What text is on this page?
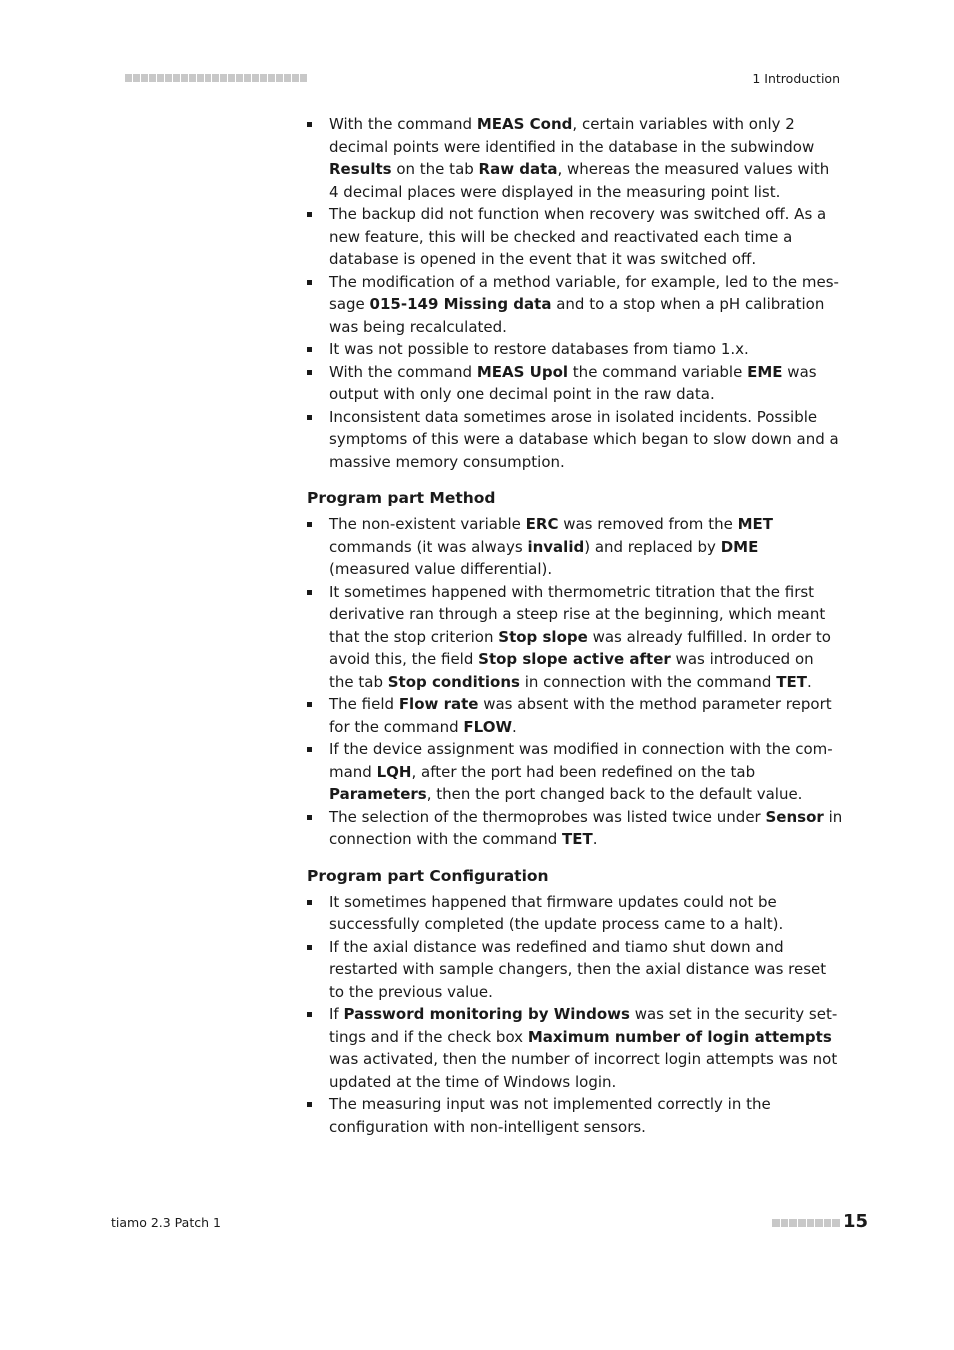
1 Introduction
With the command MEAS Cond, certain variables with only 2 decimal points were identified in the database in the subwindow Results on the tab Raw data, whereas the measured values with 4 decimal places were displayed in the measuring point list.
The backup did not function when recovery was switched off. As a new feature, this will be checked and reactivated each time a database is opened in the event that it was switched off.
The modification of a method variable, for example, led to the message 015-149 Missing data and to a stop when a pH calibration was being recalculated.
It was not possible to restore databases from tiamo 1.x.
With the command MEAS Upol the command variable EME was output with only one decimal point in the raw data.
Inconsistent data sometimes arose in isolated incidents. Possible symptoms of this were a database which began to slow down and a massive memory consumption.
Program part Method
The non-existent variable ERC was removed from the MET commands (it was always invalid) and replaced by DME (measured value differential).
It sometimes happened with thermometric titration that the first derivative ran through a steep rise at the beginning, which meant that the stop criterion Stop slope was already fulfilled. In order to avoid this, the field Stop slope active after was introduced on the tab Stop conditions in connection with the command TET.
The field Flow rate was absent with the method parameter report for the command FLOW.
If the device assignment was modified in connection with the command LQH, after the port had been redefined on the tab Parameters, then the port changed back to the default value.
The selection of the thermoprobes was listed twice under Sensor in connection with the command TET.
Program part Configuration
It sometimes happened that firmware updates could not be successfully completed (the update process came to a halt).
If the axial distance was redefined and tiamo shut down and restarted with sample changers, then the axial distance was reset to the previous value.
If Password monitoring by Windows was set in the security settings and if the check box Maximum number of login attempts was activated, then the number of incorrect login attempts was not updated at the time of Windows login.
The measuring input was not implemented correctly in the configuration with non-intelligent sensors.
tiamo 2.3 Patch 1	15
